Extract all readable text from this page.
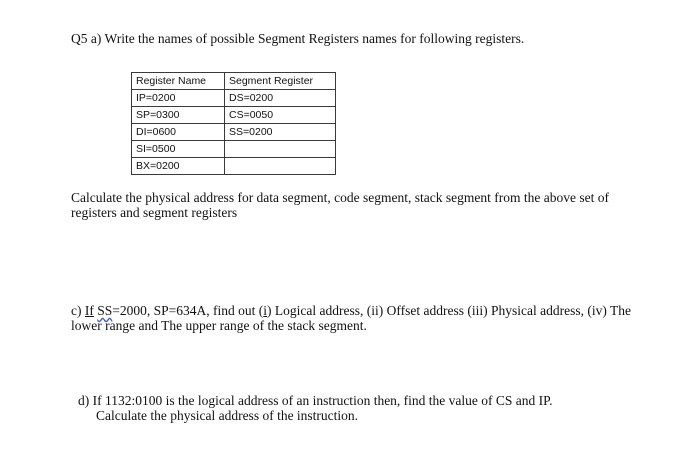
Q5 a) Write the names of possible Segment Registers names for following registers.
Register Name	Segment Register
IP=0200	DS=0200
SP=0300	CS=0050
DI=0600	SS=0200
SI=0500	
BX=0200	
Calculate the physical address for data segment, code segment, stack segment from the above set of registers and segment registers
c) If SS=2000, SP=634A, find out (i) Logical address, (ii) Offset address (iii) Physical address, (iv) The lower range and The upper range of the stack segment.
d) If 1132:0100 is the logical address of an instruction then, find the value of CS and IP.
Calculate the physical address of the instruction.
